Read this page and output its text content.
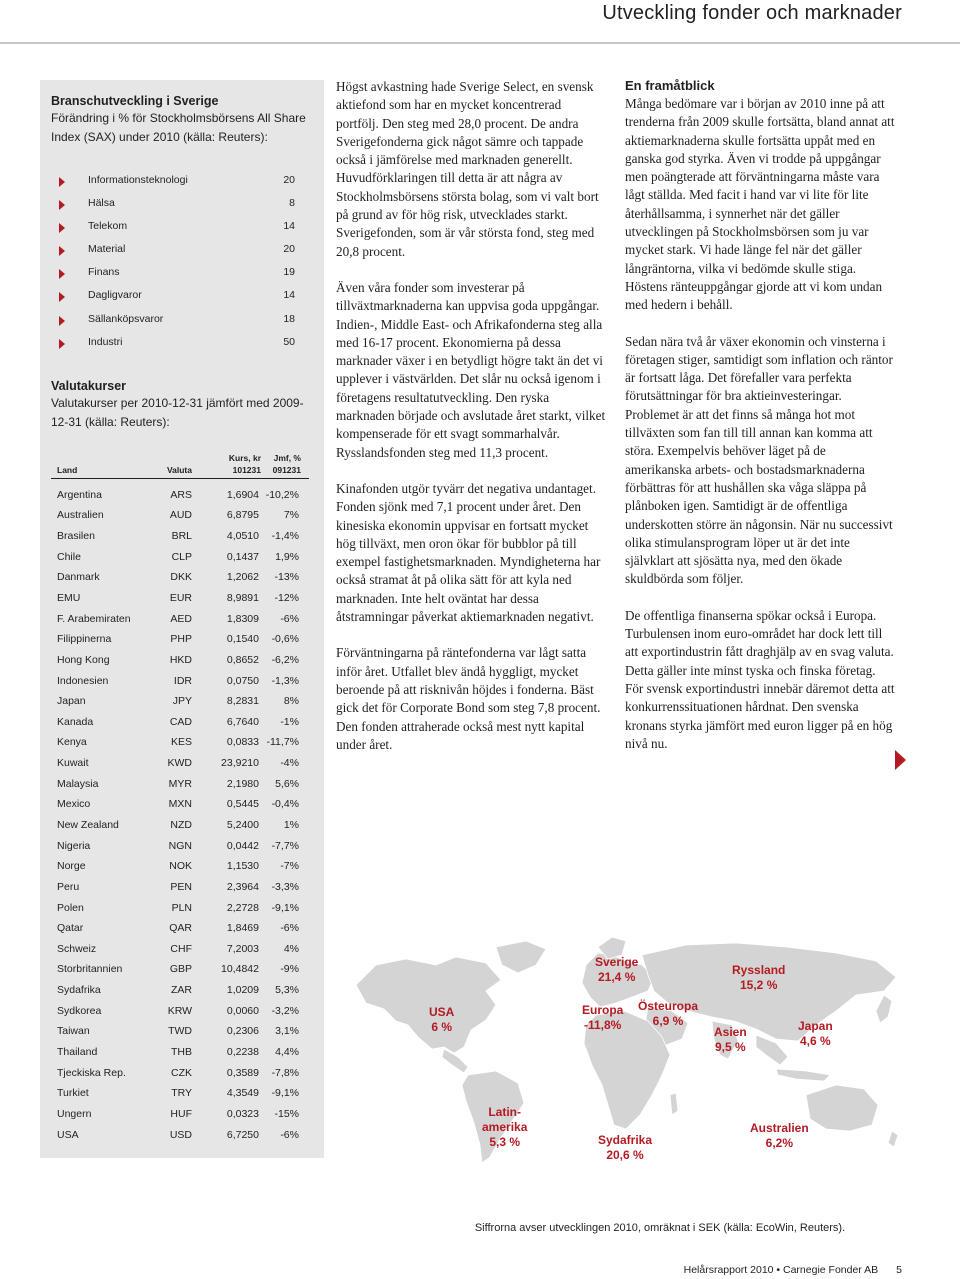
Utveckling fonder och marknader
Branschutveckling i Sverige
Förändring i % för Stockholmsbörsens All Share Index (SAX) under 2010 (källa: Reuters):
Informationsteknologi	20
Hälsa	8
Telekom	14
Material	20
Finans	19
Dagligvaror	14
Sällanköpsvaror	18
Industri	50
Valutakurser
Valutakurser per 2010-12-31 jämfört med 2009-12-31 (källa: Reuters):
Land	Valuta
Kurs, kr
101231
Jmf, %
091231
Argentina	ARS	1,6904 -10,2%
Australien	AUD	6,8795 7%
Brasilen	BRL	4,0510 -1,4%
Chile	CLP	0,1437 1,9%
Danmark	DKK	1,2062 -13%
EMU	EUR	8,9891 -12%
F. Arabemiraten	AED	1,8309 -6%
Filippinerna	PHP	0,1540 -0,6%
Hong Kong	HKD	0,8652 -6,2%
Indonesien	IDR	0,0750 -1,3%
Japan	JPY	8,2831 8%
Kanada	CAD	6,7640 -1%
Kenya	KES	0,0833 -11,7%
Kuwait	KWD	23,9210 -4%
Malaysia	MYR	2,1980 5,6%
Mexico	MXN	0,5445 -0,4%
New Zealand	NZD	5,2400 1%
Nigeria	NGN	0,0442 -7,7%
Norge	NOK	1,1530 -7%
Peru	PEN	2,3964 -3,3%
Polen	PLN	2,2728 -9,1%
Qatar	QAR	1,8469 -6%
Schweiz	CHF	7,2003 4%
Storbritannien	GBP	10,4842 -9%
Sydafrika	ZAR	1,0209 5,3%
Sydkorea	KRW	0,0060 -3,2%
Taiwan	TWD	0,2306 3,1%
Thailand	THB	0,2238 4,4%
Tjeckiska Rep.	CZK	0,3589 -7,8%
Turkiet	TRY	4,3549 -9,1%
Ungern	HUF	0,0323 -15%
USA	USD	6,7250 -6%

Högst avkastning hade Sverige Select, en svensk aktiefond som har en mycket koncentrerad portfölj. Den steg med 28,0 procent. De andra Sverigefonderna gick något sämre och tappade också i jämförelse med marknaden generellt. Huvudförklaringen till detta är att några av Stockholmsbörsens största bolag, som vi valt bort på grund av för hög risk, utvecklades starkt. Sverigefonden, som är vår största fond, steg med 20,8 procent.

Även våra fonder som investerar på tillväxtmarknaderna kan uppvisa goda uppgångar. Indien-, Middle East- och Afrikafonderna steg alla med 16-17 procent. Ekonomierna på dessa marknader växer i en betydligt högre takt än det vi upplever i västvärlden. Det slår nu också igenom i företagens resultatutveckling. Den ryska marknaden började och avslutade året starkt, vilket kompenserade för ett svagt sommarhalvår. Rysslandsfonden steg med 11,3 procent.

Kinafonden utgör tyvärr det negativa undantaget. Fonden sjönk med 7,1 procent under året. Den kinesiska ekonomin uppvisar en fortsatt mycket hög tillväxt, men oron ökar för bubblor på till exempel fastighetsmarknaden. Myndigheterna har också stramat åt på olika sätt för att kyla ned marknaden. Inte helt oväntat har dessa åtstramningar påverkat aktiemarknaden negativt.

Förväntningarna på räntefonderna var lågt satta inför året. Utfallet blev ändå hyggligt, mycket beroende på att risknivån höjdes i fonderna. Bäst gick det för Corporate Bond som steg 7,8 procent. Den fonden attraherade också mest nytt kapital under året.

En framåtblick

Många bedömare var i början av 2010 inne på att trenderna från 2009 skulle fortsätta, bland annat att aktiemarknaderna skulle fortsätta uppåt med en ganska god styrka. Även vi trodde på uppgångar men poängterade att förväntningarna måste vara lågt ställda. Med facit i hand var vi lite för lite återhållsamma, i synnerhet när det gäller utvecklingen på Stockholmsbörsen som ju var mycket stark. Vi hade länge fel när det gäller långräntorna, vilka vi bedömde skulle stiga. Höstens ränteuppgångar gjorde att vi kom undan med hedern i behåll.

Sedan nära två år växer ekonomin och vinsterna i företagen stiger, samtidigt som inflation och räntor är fortsatt låga. Det förefaller vara perfekta förutsättningar för bra aktieinvesteringar. Problemet är att det finns så många hot mot tillväxten som fan till till annan kan komma att störa. Exempelvis behöver läget på de amerikanska arbets- och bostadsmarknaderna förbättras för att hushållen ska våga släppa på plånboken igen. Samtidigt är de offentliga underskotten större än någonsin. När nu successivt olika stimulansprogram löper ut är det inte självklart att sjösätta nya, med den ökade skuldbörda som följer.

De offentliga finanserna spökar också i Europa. Turbulensen inom euro-området har dock lett till att exportindustrin fått draghjälp av en svag valuta. Detta gäller inte minst tyska och finska företag. För svensk exportindustri innebär däremot detta att konkurrenssituationen hårdnat. Den svenska kronans styrka jämfört med euron ligger på en hög nivå nu.

USA
6 %
Latin-
amerika
5,3 %
Sverige
21,4 %
Europa
-11,8%
Östeuropa
6,9 %
Ryssland
15,2 %
Asien
9,5 %
Japan
4,6 %
Sydafrika
20,6 %
Australien
6,2%
Siffrorna avser utvecklingen 2010, omräknat i SEK (källa: EcoWin, Reuters).
Helårsrapport 2010 • Carnegie Fonder AB 5
